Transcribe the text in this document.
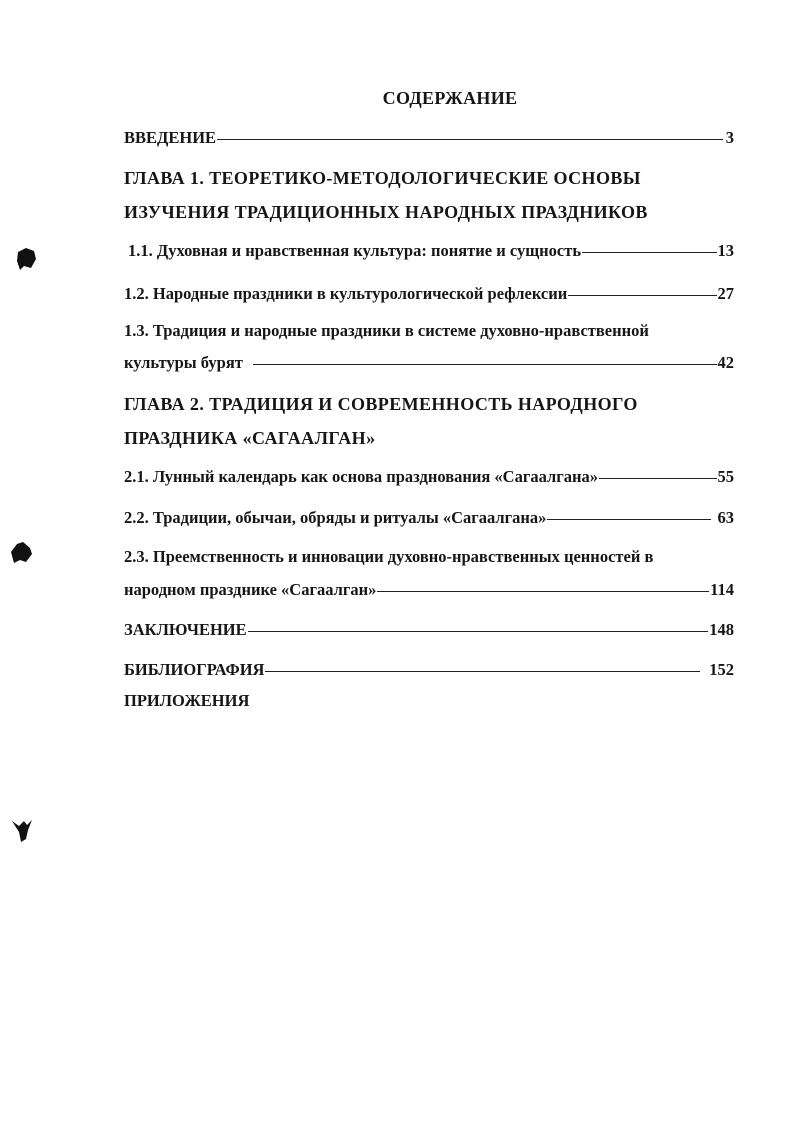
СОДЕРЖАНИЕ
ВВЕДЕНИЕ	3
ГЛАВА 1. ТЕОРЕТИКО-МЕТОДОЛОГИЧЕСКИЕ ОСНОВЫ
ИЗУЧЕНИЯ ТРАДИЦИОННЫХ НАРОДНЫХ ПРАЗДНИКОВ
1.1. Духовная и нравственная культура: понятие и сущность	13
1.2. Народные праздники в культурологической рефлексии	27
1.3. Традиция и народные праздники в системе духовно-нравственной
культуры бурят	42
ГЛАВА 2. ТРАДИЦИЯ И СОВРЕМЕННОСТЬ НАРОДНОГО
ПРАЗДНИКА «САГААЛГАН»
2.1. Лунный календарь как основа празднования «Сагаалгана»	55
2.2. Традиции, обычаи, обряды и ритуалы «Сагаалгана»	63
2.3. Преемственность и инновации духовно-нравственных ценностей в
народном празднике «Сагаалган»	114
ЗАКЛЮЧЕНИЕ	148
БИБЛИОГРАФИЯ	152
ПРИЛОЖЕНИЯ
